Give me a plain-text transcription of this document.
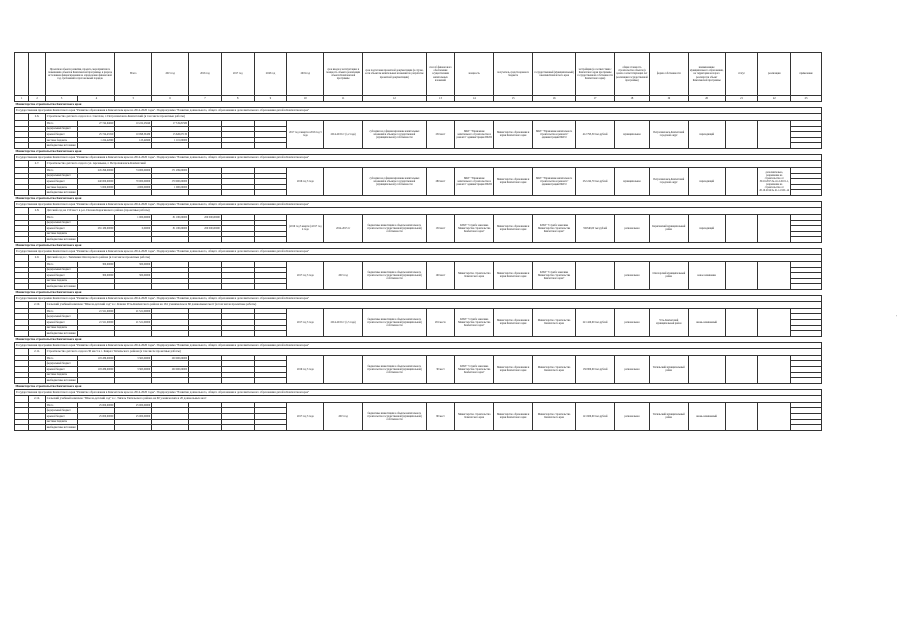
		Проектная объекта развития, проекта, мероприятия по повышению объектов Комплексной программы, в разрезе источников финансирования на определение финансовой год, требований в протокольный порядок		Всего	2015 год	2016 год	2017 год	2018 год	2019 год	срок ввода в эксплуатацию и мощность объекта реализации объекта Комплексной программы	срок подготовки проектной документации (в случае, если объектом капитальных вложений по разработке проектной документации)	способ финансового обеспечения осуществления капитальных вложений	мощность	получатель средств краевого бюджета	государственный (муниципальный) заказчик Камчатского края	застройщик (в соответствии с Камчатского края программы государственной собственности Камчатского края)	общая стоимость строительства объекта (в ценах соответствующих лет реализации государственной программы)	форма собственности	наименование муниципального образования, на территории которого реализуется объект Комплексной программы	статус	реализация	примечание
1	2	3	4	5	6	7	8	9	10	11	12	13	14	15	16	17	18	19	20	21	22	23
Министерство строительства Камчатского края																						
Государственная программа Камчатского края "Развитие образования в Камчатском крае на 2014-2020 годы". Подпрограмма "Развитие дошкольного, общего образования и дополнительного образования детей в Камчатском крае"																						
	2.6.	Строительство детского сада в пос. Светлом, г. Петропавловск-Камчатский (в том числе проектные работы)																				
		Итого	27 742,04620	10 222,23040	17 519,81580				2017 год 4 квартал 2016 год 3 года	2014-2015 гг (1,2 года)	субсидии на софинансирование капитальных вложений в объекты государственной (муниципальной) собственности	250 мест	МКУ "Управление капитального строительства и ремонта" администрации ПКГО	Министерство образования и науки Камчатского края	МКУ "Управление капитального строительства и ремонта" администрации ПКГО	412 793,30 тыс.рублей	муниципальная	Петропавловск-Камчатский городской округ	переходящий			
		федеральный бюджет																				
		краевой бюджет	25 724,43310	10 098,36180	15 626,07130																	
		местные бюджеты	1 224,42660	123,42660	1 101,00000																	
		внебюджетные источники																				
Министерство строительства Камчатского края																						
Государственная программа Камчатского края "Развитие образования в Камчатском крае на 2014-2020 годы". Подпрограмма "Развитие дошкольного, общего образования и дополнительного образования детей в Камчатском крае"																						
	2.7.	Строительство детского сада по ул. Арсеньева, г. Петропавловск-Камчатский																				
		Итого	245 299,00000	74 000,00000	171 299,00000				2016 год 3 года		субсидии на софинансирование капитальных вложений в объекты государственной (муниципальной) собственности	280 мест	МКУ "Управление капитального строительства и ремонта" администрации ПКГО	Министерство образования и науки Камчатского края	МКУ "Управление капитального строительства и ремонта" администрации ПКГО	252 242,70 тыс.рублей	муниципальная	Петропавловск-Камчатский городской округ	переходящий		дополнительно, разрешение на строительство от 30.10.2015 № 41-2-0101-1, разрешение на строительство от 20.10.2014 № 41-1-0101-14	
		федеральный бюджет																				
		краевой бюджет	240 000,00000	70 000,00000	170 000,00000																	
		местные бюджеты	5 000,00000	4 000,00000	1 000,00000																	
		внебюджетные источники																				
Министерство строительства Камчатского края																						
Государственная программа Камчатского края "Развитие образования в Камчатском крае на 2014-2020 годы". Подпрограмма "Развитие дошкольного, общего образования и дополнительного образования детей в Камчатском крае"																						
	2.8.	Детский сад на 150 мест в р.п. Палана Карагинского района (проектные работы)																				
		Итого		1 000,00000	81 180,00000	200 000,00000			(2019 год 3 квартал) 2017 год 4 года	2014-2015 гг	бюджетные инвестиции в объекты капитального строительства государственной (муниципальной) собственности	150 мест	КГКУ "Служба заказчика Министерства строительства Камчатского края"	Министерство образования и науки Камчатского края	КГКУ "Служба заказчика Министерства строительства Камчатского края"	332540,00 тыс.рублей	региональная	Карагинский муниципальный район	переходящий			
		федеральный бюджет																				
		краевой бюджет	281 180,00000	0,00000	81 180,00000	200 000,00000																
		местные бюджеты																				
		внебюджетные источники																				
Министерство строительства Камчатского края																						
Государственная программа Камчатского края "Развитие образования в Камчатском крае на 2014-2020 годы". Подпрограмма "Развитие дошкольного, общего образования и дополнительного образования детей в Камчатском крае"																						
	2.9.	Детский сад в с. Тиличики Олюторского района (в том числе проектные работы)																				
		Итого	300,00000	300,00000					2017 год 3 года	2015 год	бюджетные инвестиции в объекты капитального строительства государственной (муниципальной) собственности	100 мест	Министерство строительства Камчатского края	Министерство образования и науки Камчатского края	КГКУ "Служба заказчика Министерства строительства Камчатского края"		региональная	Олюторский муниципальный район	новое начинание			
		федеральный бюджет																				
		краевой бюджет	300,00000	300,00000																		
		местные бюджеты																				
		внебюджетные источники																				
Министерство строительства Камчатского края																						
Государственная программа Камчатского края "Развитие образования в Камчатском крае на 2014-2020 годы". Подпрограмма "Развитие дошкольного, общего образования и дополнительного образования детей в Камчатском крае"																						
	2.10.	Сельский учебный комплекс "Школа-детский сад" в с. Ключи Усть-Камчатского района на 161 ученическое и 60 дошкольных мест (в том числе проектные работы)																				
		Итого	21 521,00000	21 521,00000					2017 год 3 года	2014-2015 гг (1,5 года)	бюджетные инвестиции в объекты капитального строительства государственной (муниципальной) собственности	281 место	КГКУ "Служба заказчика Министерства строительства Камчатского края"	Министерство образования и науки Камчатского края	Министерство строительства Камчатского края	221 420,00 тыс.рублей	региональная	Усть-Камчатский муниципальный район	вновь начинаемый			
		федеральный бюджет																				
		краевой бюджет	21 521,00000	21 521,00000																		
		местные бюджеты																				
		внебюджетные источники																				
Министерство строительства Камчатского края																						
Государственная программа Камчатского края "Развитие образования в Камчатском крае на 2014-2020 годы". Подпрограмма "Развитие дошкольного, общего образования и дополнительного образования детей в Камчатском крае"																						
	2.11.	Строительство детского сада на 30 мест в с. Каврал Тигильского района (в том числе проектные работы)																				
		Итого	103 289,00000	3 365,00000	100 000,00000				2019 год 3 года		бюджетные инвестиции в объекты капитального строительства государственной (муниципальной) собственности	30 мест	КГКУ "Служба заказчика Министерства строительства Камчатского края"	Министерство образования и науки Камчатского края	Министерство строительства Камчатского края	156 800,00 тыс.рублей	региональная	Тигильский муниципальный район				
		федеральный бюджет																				
		краевой бюджет	103 289,00000	3 365,00000	100 000,00000																	
		местные бюджеты																				
		внебюджетные источники																				
Министерство строительства Камчатского края																						
Государственная программа Камчатского края "Развитие образования в Камчатском крае на 2014-2020 годы". Подпрограмма "Развитие дошкольного, общего образования и дополнительного образования детей в Камчатском крае"																						
	2.12.	Сельский учебный комплекс "Школа-детский сад" в с. Тигиль Тигильского района на 60 ученических и 20 дошкольных мест																				
		Итого	25 000,00000	25 000,00000					2017 год 3 года	2015 год	бюджетные инвестиции в объекты капитального строительства государственной (муниципальной) собственности	80 мест	Министерство строительства Камчатского края	Министерство образования и науки Камчатского края	Министерство строительства Камчатского края	121 600,00 тыс.рублей	региональная	Тигильский муниципальный район	вновь начинаемый			
		федеральный бюджет																				
		краевой бюджет	25 000,00000	25 000,00000																		
		местные бюджеты																				
		внебюджетные источники																				
'
